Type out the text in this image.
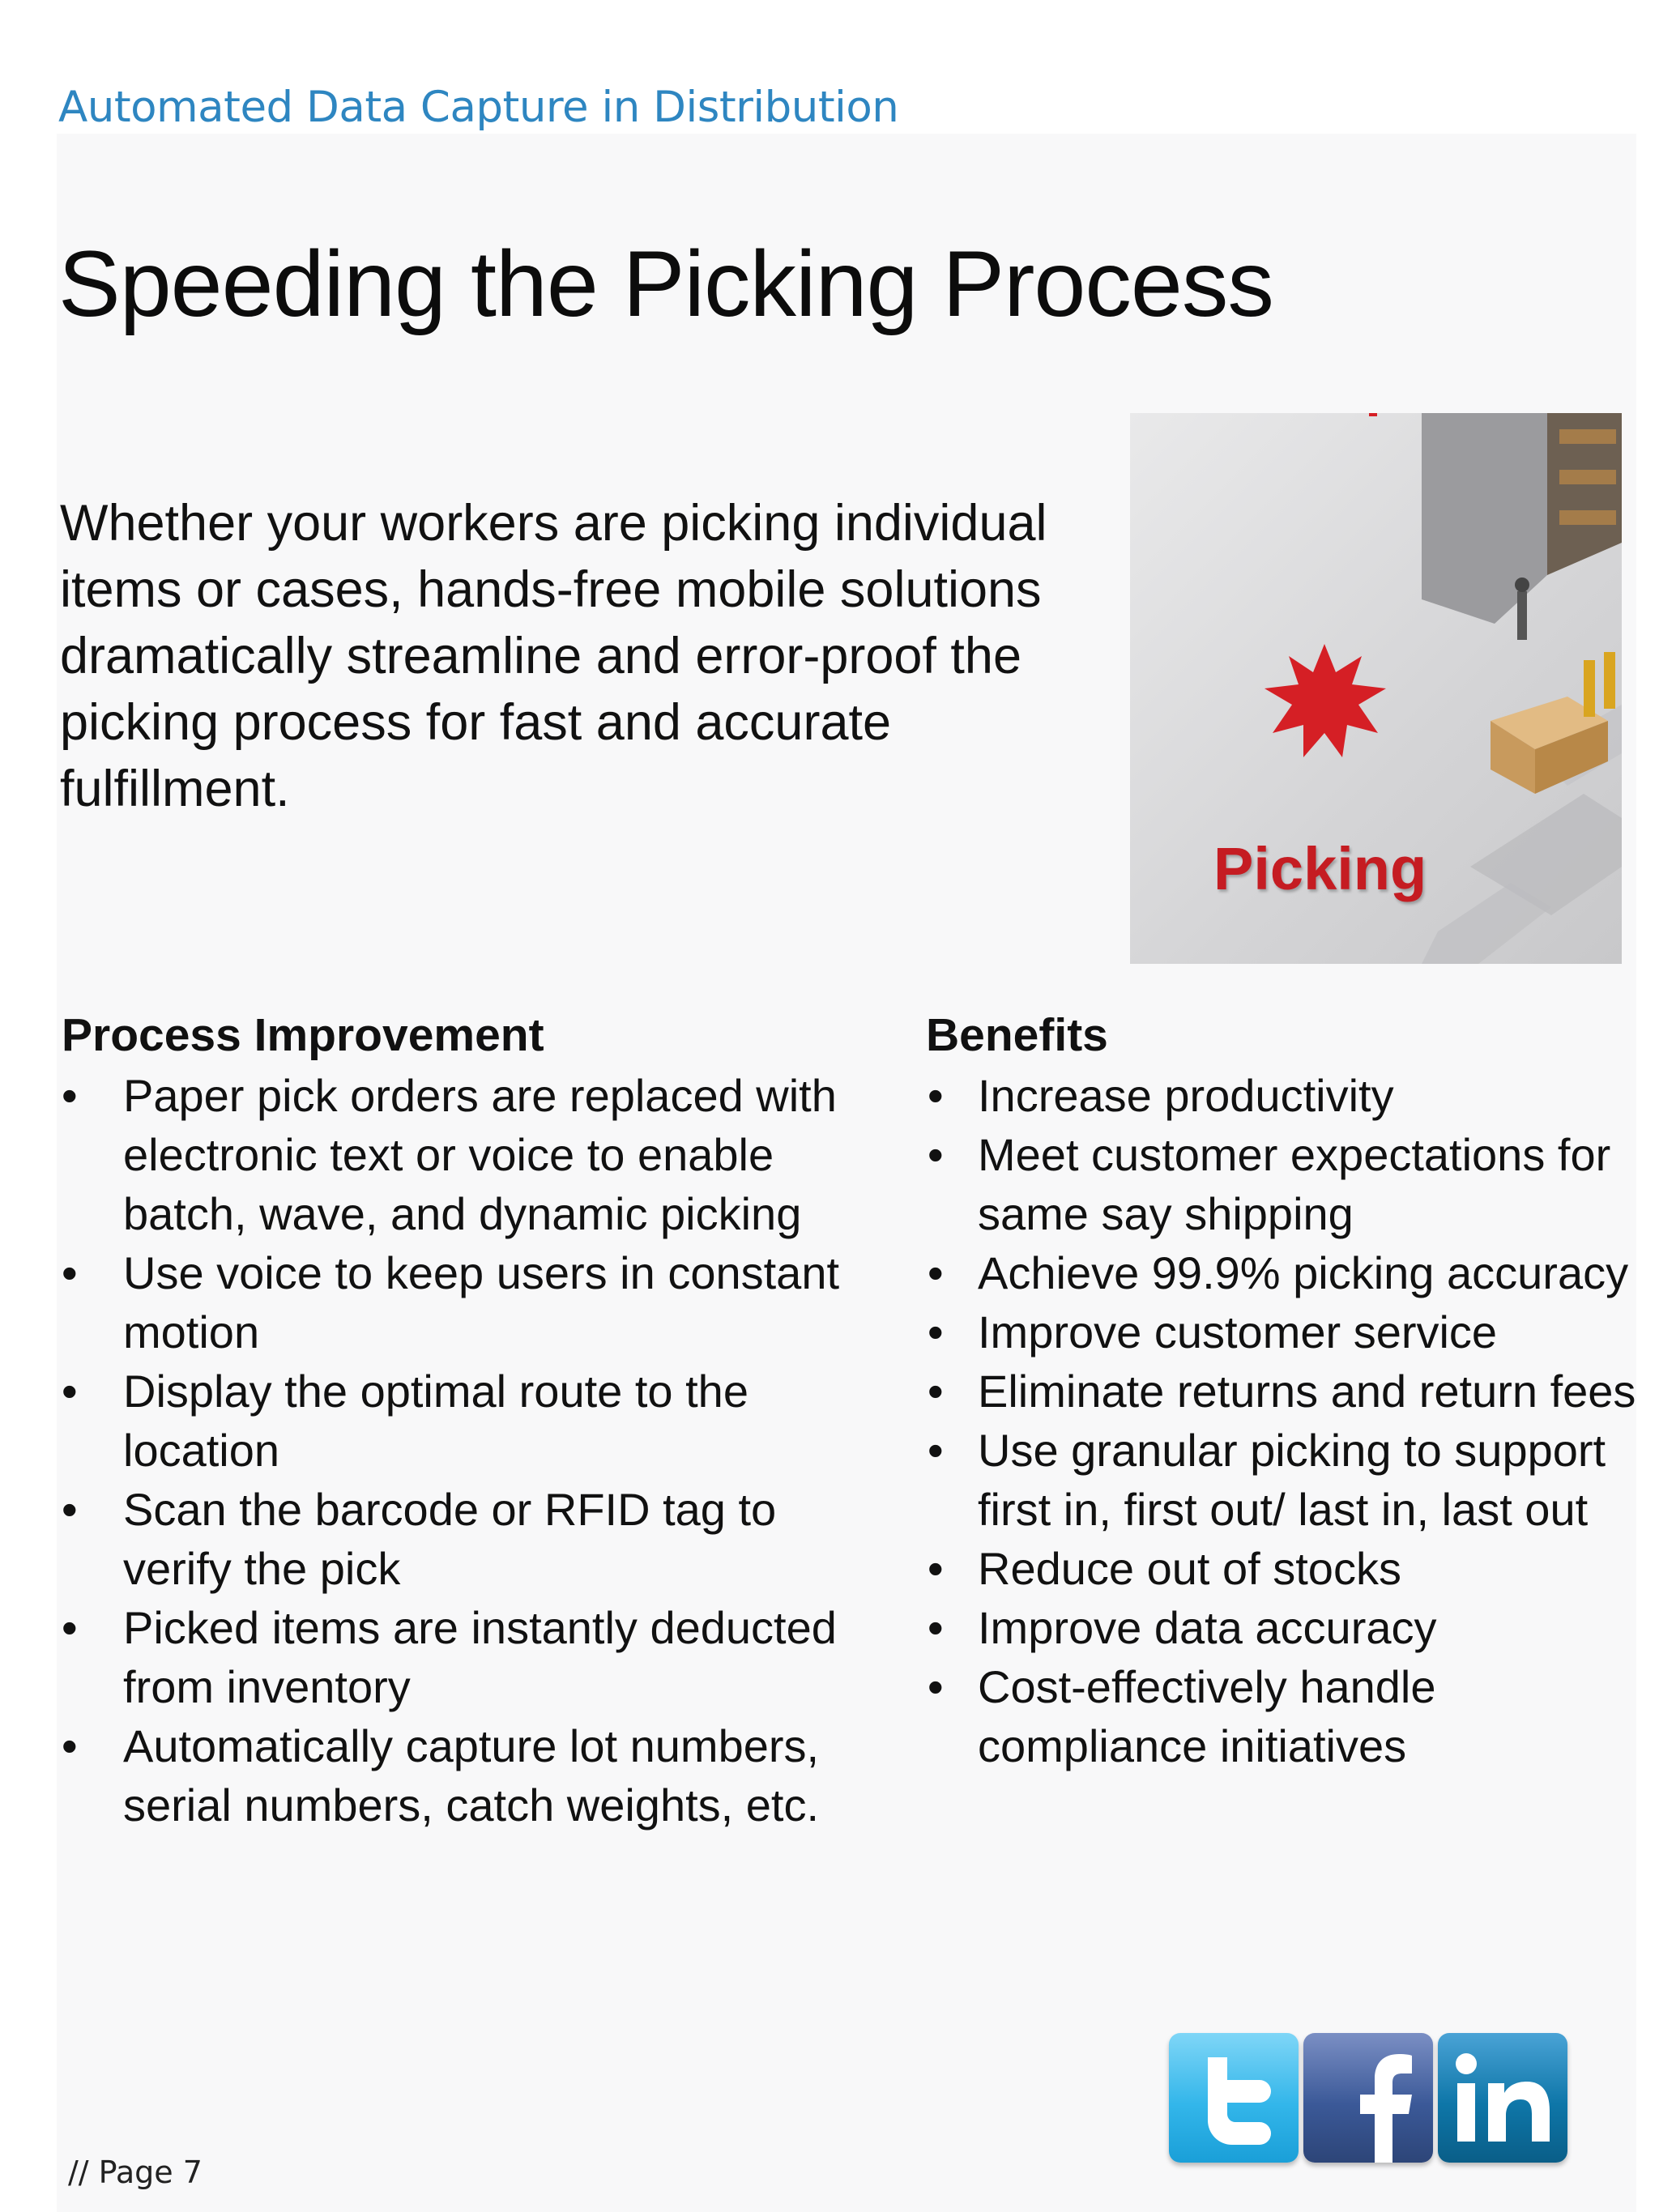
Automated Data Capture in Distribution
Speeding the Picking Process
Whether your workers are picking individual items or cases, hands-free mobile solutions dramatically streamline and error-proof the picking process for fast and accurate fulfillment.
Picking
Process Improvement
• Paper pick orders are replaced with electronic text or voice to enable batch, wave, and dynamic picking
• Use voice to keep users in constant motion
• Display the optimal route to the location
• Scan the barcode or RFID tag to verify the pick
• Picked items are instantly deducted from inventory
• Automatically capture lot numbers, serial numbers, catch weights, etc.
Benefits
• Increase productivity
• Meet customer expectations for same say shipping
• Achieve 99.9% picking accuracy
• Improve customer service
• Eliminate returns and return fees
• Use granular picking to support first in, first out/ last in, last out
• Reduce out of stocks
• Improve data accuracy
• Cost-effectively handle compliance initiatives
// Page 7
